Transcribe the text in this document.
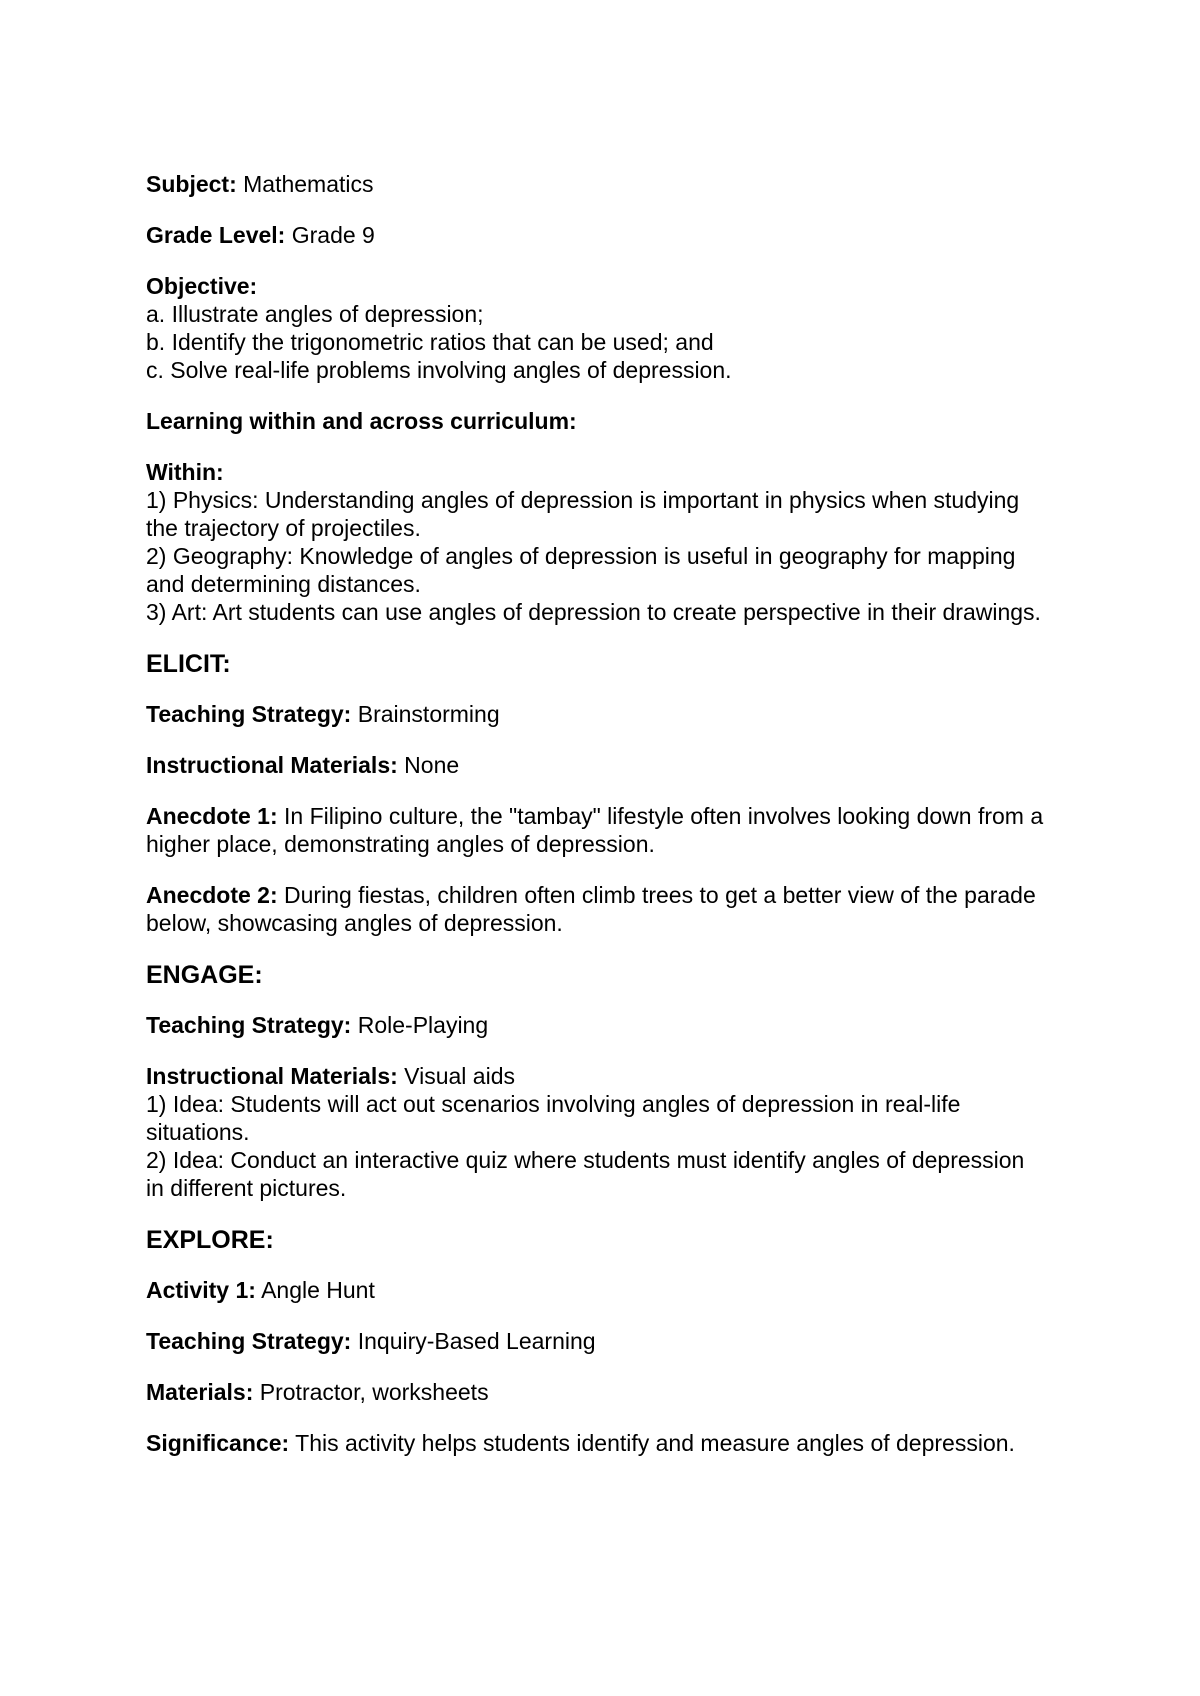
Subject: Mathematics

Grade Level: Grade 9

Objective:

a. Illustrate angles of depression;

b. Identify the trigonometric ratios that can be used; and

c. Solve real-life problems involving angles of depression.

Learning within and across curriculum:

Within:

1) Physics: Understanding angles of depression is important in physics when studying the trajectory of projectiles.

2) Geography: Knowledge of angles of depression is useful in geography for mapping and determining distances.

3) Art: Art students can use angles of depression to create perspective in their drawings.

ELICIT:

Teaching Strategy: Brainstorming

Instructional Materials: None

Anecdote 1: In Filipino culture, the "tambay" lifestyle often involves looking down from a higher place, demonstrating angles of depression.

Anecdote 2: During fiestas, children often climb trees to get a better view of the parade below, showcasing angles of depression.

ENGAGE:

Teaching Strategy: Role-Playing

Instructional Materials: Visual aids

1) Idea: Students will act out scenarios involving angles of depression in real-life situations.

2) Idea: Conduct an interactive quiz where students must identify angles of depression in different pictures.

EXPLORE:

Activity 1: Angle Hunt

Teaching Strategy: Inquiry-Based Learning

Materials: Protractor, worksheets

Significance: This activity helps students identify and measure angles of depression.
